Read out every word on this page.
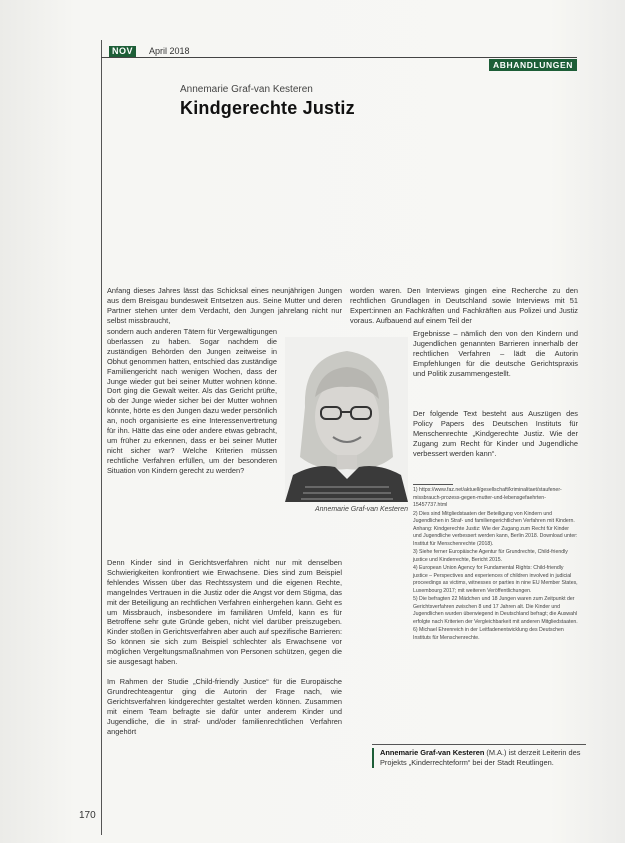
NOV	April 2018
ABHANDLUNGEN
Annemarie Graf-van Kesteren
Kindgerechte Justiz
Anfang dieses Jahres lässt das Schicksal eines neunjährigen Jungen aus dem Breisgau bundesweit Entsetzen aus. Seine Mutter und deren Partner stehen unter dem Verdacht, den Jungen jahrelang nicht nur selbst missbraucht,
sondern auch anderen Tätern für Vergewaltigungen überlassen zu haben. Sogar nachdem die zuständigen Behörden den Jungen zeitweise in Obhut genommen hatten, entschied das zuständige Familiengericht nach wenigen Wochen, dass der Junge wieder gut bei seiner Mutter wohnen könne. Dort ging die Gewalt weiter. Als das Gericht prüfte, ob der Junge wieder sicher bei der Mutter wohnen könnte, hörte es den Jungen dazu weder persönlich an, noch organisierte es eine Interessenvertretung für ihn. Hätte das eine oder andere etwas gebracht, um früher zu erkennen, dass er bei seiner Mutter nicht sicher war? Welche Kriterien müssen rechtliche Verfahren erfüllen, um der besonderen Situation von Kindern gerecht zu werden?

Denn Kinder sind in Gerichtsverfahren nicht nur mit denselben Schwierigkeiten konfrontiert wie Erwachsene. Dies sind zum Beispiel fehlendes Wissen über das Rechtssystem und die eigenen Rechte, mangelndes Vertrauen in die Justiz oder die Angst vor dem Stigma, das mit der Beteiligung an rechtlichen Verfahren einhergehen kann. Geht es um Missbrauch, insbesondere im familiären Umfeld, kann es für Betroffene sehr gute Gründe geben, nicht viel darüber preiszugeben. Kinder stoßen in Gerichtsverfahren aber auch auf spezifische Barrieren: So können sie sich zum Beispiel schlechter als Erwachsene vor möglichen Vergeltungsmaßnahmen von Personen schützen, gegen die sie ausgesagt haben.

Im Rahmen der Studie „Child-friendly Justice“ für die Europäische Grundrechteagentur ging die Autorin der Frage nach, wie Gerichtsverfahren kindgerechter gestaltet werden können. Zusammen mit einem Team befragte sie dafür unter anderem Kinder und Jugendliche, die in straf- und/oder familienrechtlichen Verfahren angehört

worden waren. Den Interviews gingen eine Recherche zu den rechtlichen Grundlagen in Deutschland sowie Interviews mit 51 Expert:innen an Fachkräften und Fachkräften aus Polizei und Justiz voraus. Aufbauend auf einem Teil der
Ergebnisse – nämlich den von den Kindern und Jugendlichen genannten Barrieren innerhalb der rechtlichen Verfahren – lädt die Autorin Empfehlungen für die deutsche Gerichtspraxis und Politik zusammengestellt.
Der folgende Text besteht aus Auszügen des Policy Papers des Deutschen Instituts für Menschenrechte „Kindgerechte Justiz. Wie der Zugang zum Recht für Kinder und Jugendliche verbessert werden kann“.
Annemarie Graf-van Kesteren

1) https://www.faz.net/aktuell/gesellschaft/kriminalitaet/staufener-missbrauch-prozess-gegen-mutter-und-lebensgefaehrten-15457737.html

2) Dies sind Mitgliedstaaten der Beteiligung von Kindern und Jugendlichen in Straf- und familiengerichtlichen Verfahren mit Kindern. Anhang: Kindgerechte Justiz: Wie der Zugang zum Recht für Kinder und Jugendliche verbessert werden kann, Berlin 2018. Download unter: Institut für Menschenrechte (2018).

3) Siehe ferner Europäische Agentur für Grundrechte, Child-friendly justice und Kinderrechte, Bericht 2015.

4) European Union Agency for Fundamental Rights: Child-friendly justice – Perspectives and experiences of children involved in judicial proceedings as victims, witnesses or parties in nine EU Member States, Luxembourg 2017; mit weiteren Veröffentlichungen.

5) Die befragten 22 Mädchen und 18 Jungen waren zum Zeitpunkt der Gerichtsverfahren zwischen 8 und 17 Jahren alt. Die Kinder und Jugendlichen wurden überwiegend in Deutschland befragt; die Auswahl erfolgte nach Kriterien der Vergleichbarkeit mit anderen Mitgliedstaaten.

6) Michael Ehrenreich in der Leitfadenentwicklung des Deutschen Instituts für Menschenrechte.

Annemarie Graf-van Kesteren (M.A.) ist derzeit Leiterin des Projekts „Kinderrechteform“ bei der Stadt Reutlingen.
170
